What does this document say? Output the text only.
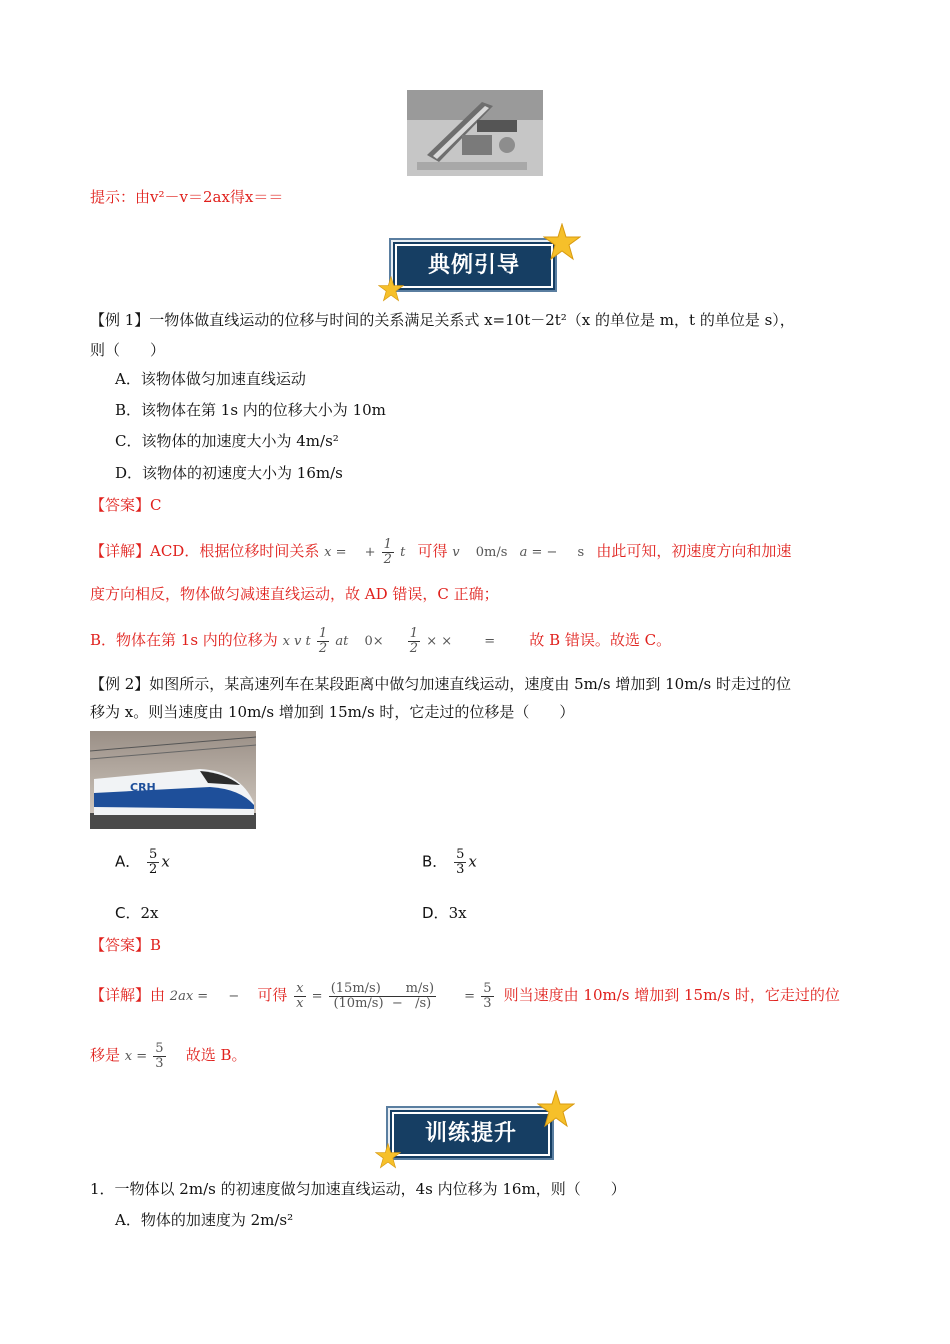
提示：由v²－v＝2ax得x＝＝
典例引导
【例 1】一物体做直线运动的位移与时间的关系满足关系式 x=10t－2t²（x 的单位是 m，t 的单位是 s），
则（　　）
A．该物体做匀加速直线运动
B．该物体在第 1s 内的位移大小为 10m
C．该物体的加速度大小为 4m/s²
D．该物体的初速度大小为 16m/s
【答案】C
【详解】ACD．根据位移时间关系 x = + $\frac{1}{2}$ t 可得 v 0m/s a = − s 由此可知，初速度方向和加速
度方向相反，物体做匀减速直线运动，故 AD 错误，C 正确；
B．物体在第 1s 内的位移为 x v t $\frac{1}{2}$ at $0\times \frac{1}{2}$ × × = 故 B 错误。故选 C。
【例 2】如图所示，某高速列车在某段距离中做匀加速直线运动，速度由 5m/s 增加到 10m/s 时走过的位
移为 x。则当速度由 10m/s 增加到 15m/s 时，它走过的位移是（　　）
CRH
A． $\frac{5}{2}$ x	B． $\frac{5}{3}$ x
C．2x	D．3x
【答案】B
【详解】由 2ax = − 可得 $\frac{x}{x} = \frac{(15m/s) m/s)}{(10m/s) - /s)} = \frac{5}{3}$ 则当速度由 10m/s 增加到 15m/s 时，它走过的位
移是 $x = \frac{5}{3}$ 故选 B。
训练提升
1．一物体以 2m/s 的初速度做匀加速直线运动，4s 内位移为 16m，则（　　）
A．物体的加速度为 2m/s²
